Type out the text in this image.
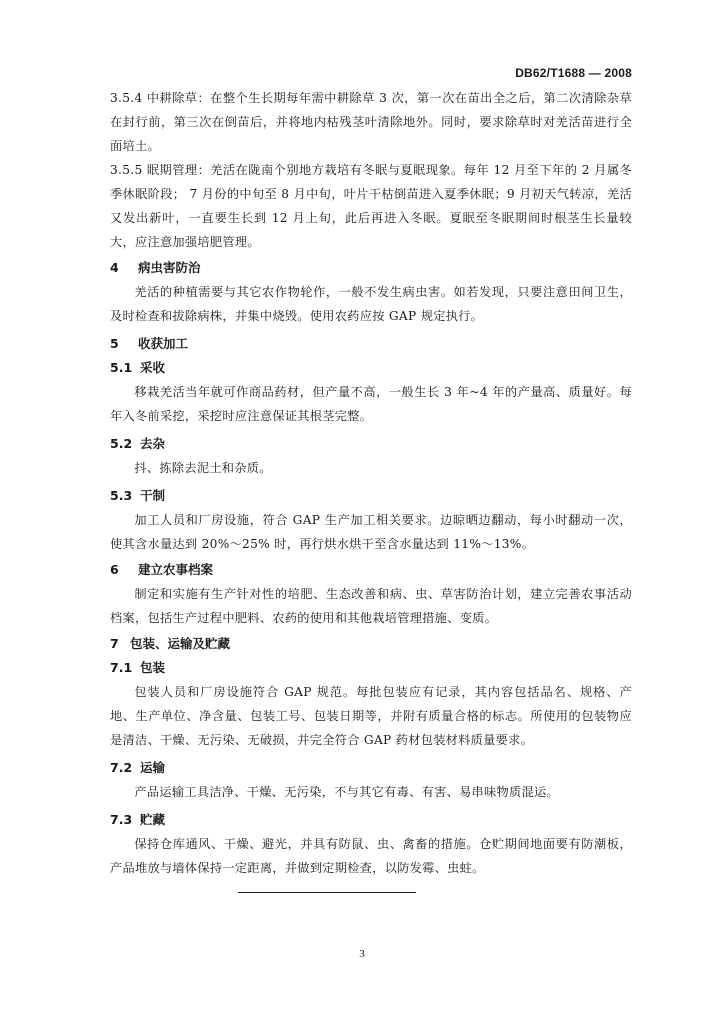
DB62/T1688 — 2008

3.5.4 中耕除草：在整个生长期每年需中耕除草 3 次，第一次在苗出全之后，第二次清除杂草在封行前，第三次在倒苗后，并将地内枯残茎叶清除地外。同时，要求除草时对羌活苗进行全面培土。

3.5.5 眠期管理：羌活在陇南个别地方栽培有冬眠与夏眠现象。每年 12 月至下年的 2 月属冬季休眠阶段； 7 月份的中旬至 8 月中旬，叶片干枯倒苗进入夏季休眠；9 月初天气转凉，羌活又发出新叶，一直要生长到 12 月上旬，此后再进入冬眠。夏眠至冬眠期间时根茎生长量较大，应注意加强培肥管理。

4	病虫害防治

羌活的种植需要与其它农作物轮作，一般不发生病虫害。如若发现，只要注意田间卫生，及时检查和拔除病株，并集中烧毁。使用农药应按 GAP 规定执行。

5	收获加工
5.1 采收

移栽羌活当年就可作商品药材，但产量不高，一般生长 3 年~4 年的产量高、质量好。每年入冬前采挖，采挖时应注意保证其根茎完整。

5.2 去杂

抖、拣除去泥土和杂质。

5.3 干制

加工人员和厂房设施，符合 GAP 生产加工相关要求。边晾晒边翻动，每小时翻动一次，使其含水量达到 20%～25% 时，再行烘水烘干至含水量达到 11%～13%。

6	建立农事档案

制定和实施有生产针对性的培肥、生态改善和病、虫、草害防治计划，建立完善农事活动档案，包括生产过程中肥料、农药的使用和其他栽培管理措施、变质。

7 包装、运输及贮藏
7.1 包装

包装人员和厂房设施符合 GAP 规范。每批包装应有记录，其内容包括品名、规格、产地、生产单位、净含量、包装工号、包装日期等，并附有质量合格的标志。所使用的包装物应是清洁、干燥、无污染、无破损，并完全符合 GAP 药材包装材料质量要求。

7.2 运输

产品运输工具洁净、干燥、无污染，不与其它有毒、有害、易串味物质混运。

7.3 贮藏

保持仓库通风、干燥、避光，并具有防鼠、虫、禽畜的措施。仓贮期间地面要有防潮板，产品堆放与墙体保持一定距离，并做到定期检查，以防发霉、虫蛀。

3
